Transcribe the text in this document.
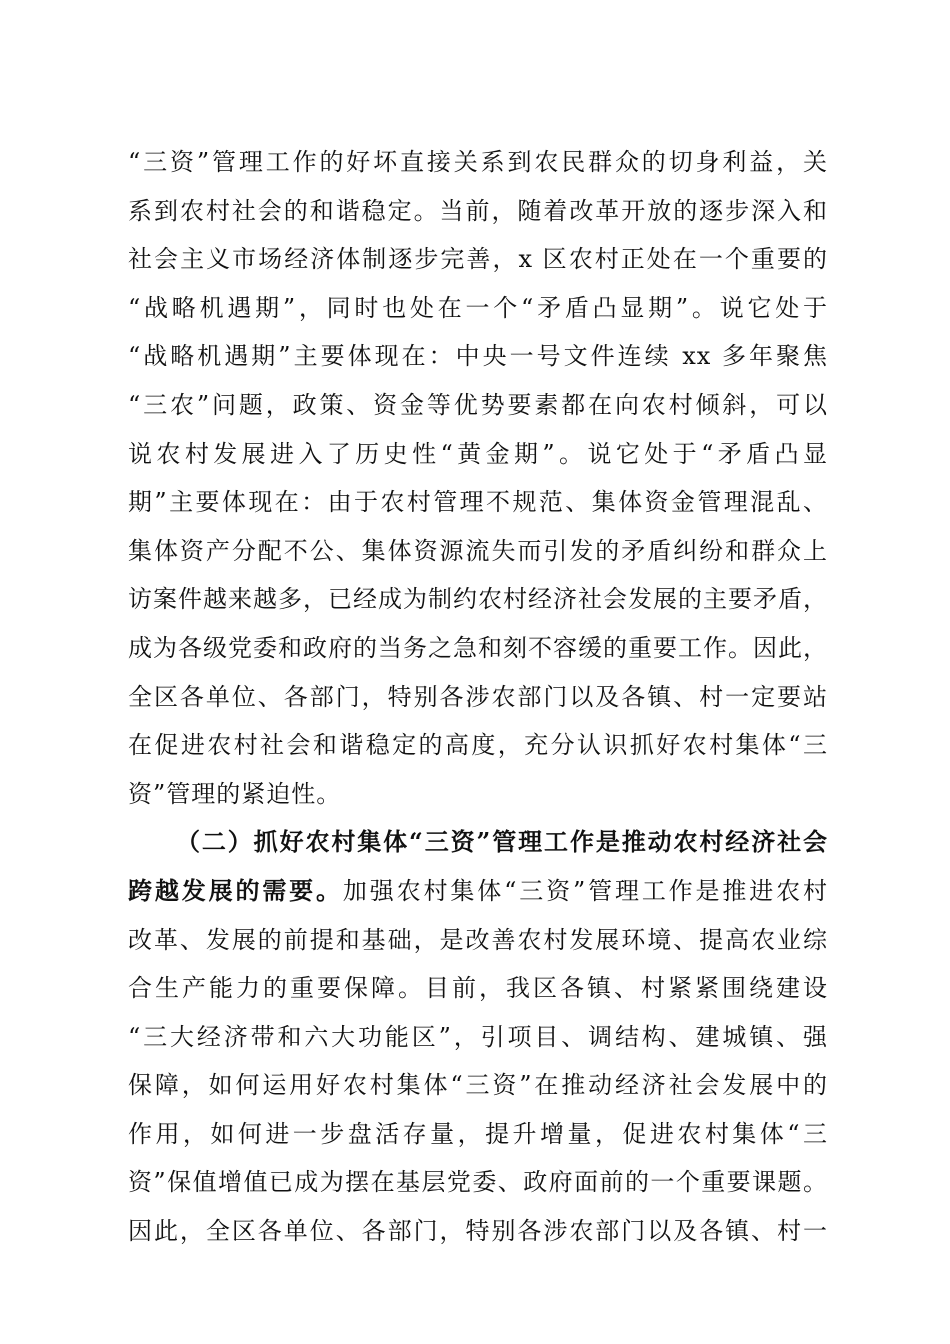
“三资”管理工作的好坏直接关系到农民群众的切身利益，关
系到农村社会的和谐稳定。当前，随着改革开放的逐步深入和
社会主义市场经济体制逐步完善，x 区农村正处在一个重要的
“战略机遇期”，同时也处在一个“矛盾凸显期”。说它处于
“战略机遇期”主要体现在：中央一号文件连续 xx 多年聚焦
“三农”问题，政策、资金等优势要素都在向农村倾斜，可以
说农村发展进入了历史性“黄金期”。说它处于“矛盾凸显
期”主要体现在：由于农村管理不规范、集体资金管理混乱、
集体资产分配不公、集体资源流失而引发的矛盾纠纷和群众上
访案件越来越多，已经成为制约农村经济社会发展的主要矛盾，
成为各级党委和政府的当务之急和刻不容缓的重要工作。因此，
全区各单位、各部门，特别各涉农部门以及各镇、村一定要站
在促进农村社会和谐稳定的高度，充分认识抓好农村集体“三
资”管理的紧迫性。

（二）抓好农村集体“三资”管理工作是推动农村经济社会
跨越发展的需要。加强农村集体“三资”管理工作是推进农村
改革、发展的前提和基础，是改善农村发展环境、提高农业综
合生产能力的重要保障。目前，我区各镇、村紧紧围绕建设
“三大经济带和六大功能区”，引项目、调结构、建城镇、强
保障，如何运用好农村集体“三资”在推动经济社会发展中的
作用，如何进一步盘活存量，提升增量，促进农村集体“三
资”保值增值已成为摆在基层党委、政府面前的一个重要课题。
因此，全区各单位、各部门，特别各涉农部门以及各镇、村一
